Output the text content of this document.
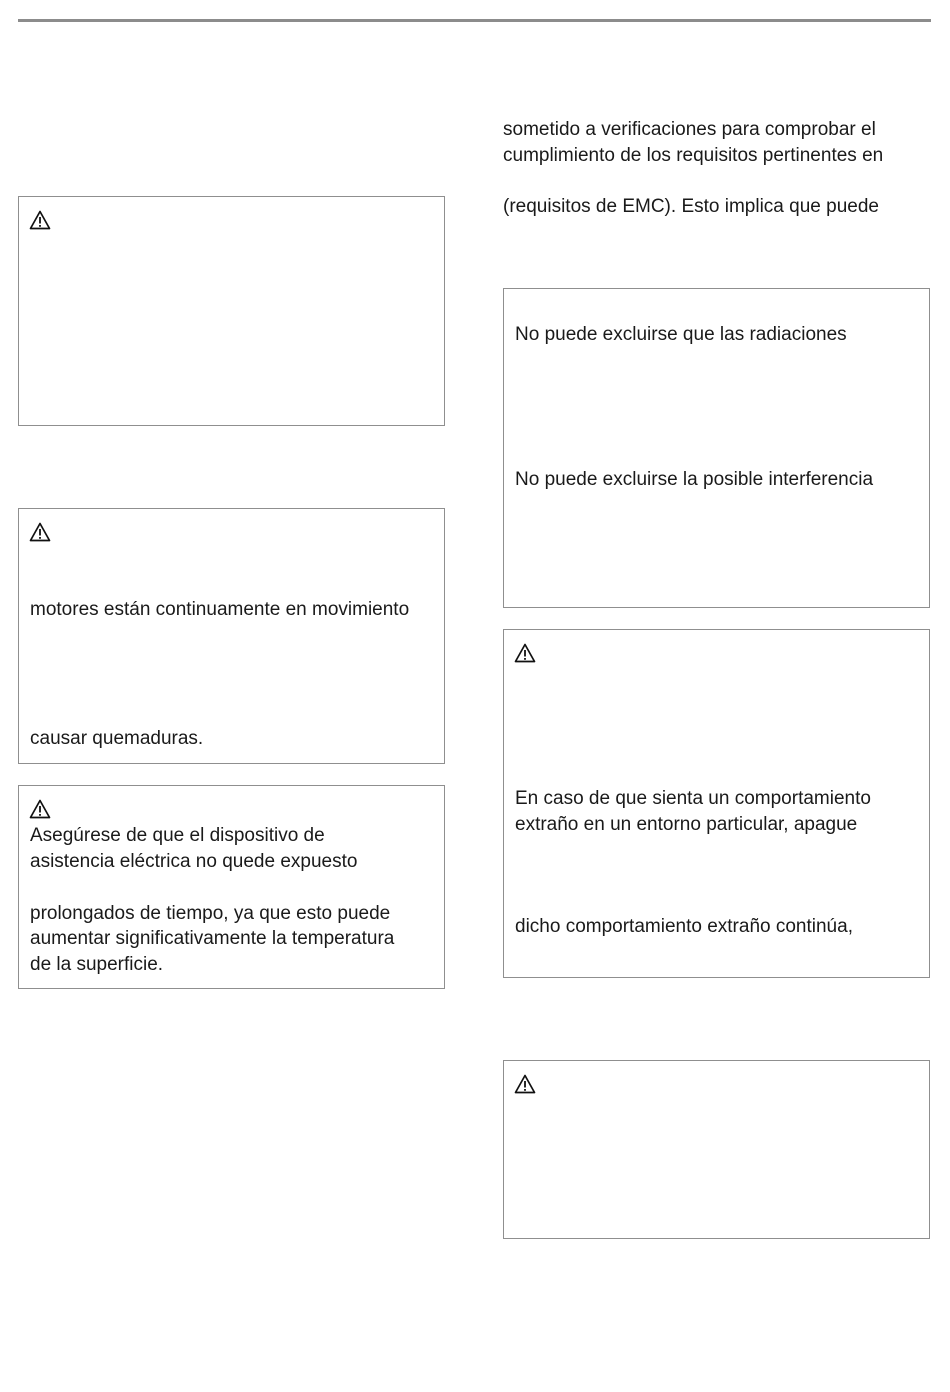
motores están continuamente en movimiento
causar quemaduras.
Asegúrese de que el dispositivo de
asistencia eléctrica no quede expuesto
prolongados de tiempo, ya que esto puede
aumentar significativamente la temperatura
de la superficie.
sometido a verificaciones para comprobar el
cumplimiento de los requisitos pertinentes en
(requisitos de EMC). Esto implica que puede
No puede excluirse que las radiaciones
No puede excluirse la posible interferencia
En caso de que sienta un comportamiento
extraño en un entorno particular, apague
dicho comportamiento extraño continúa,
